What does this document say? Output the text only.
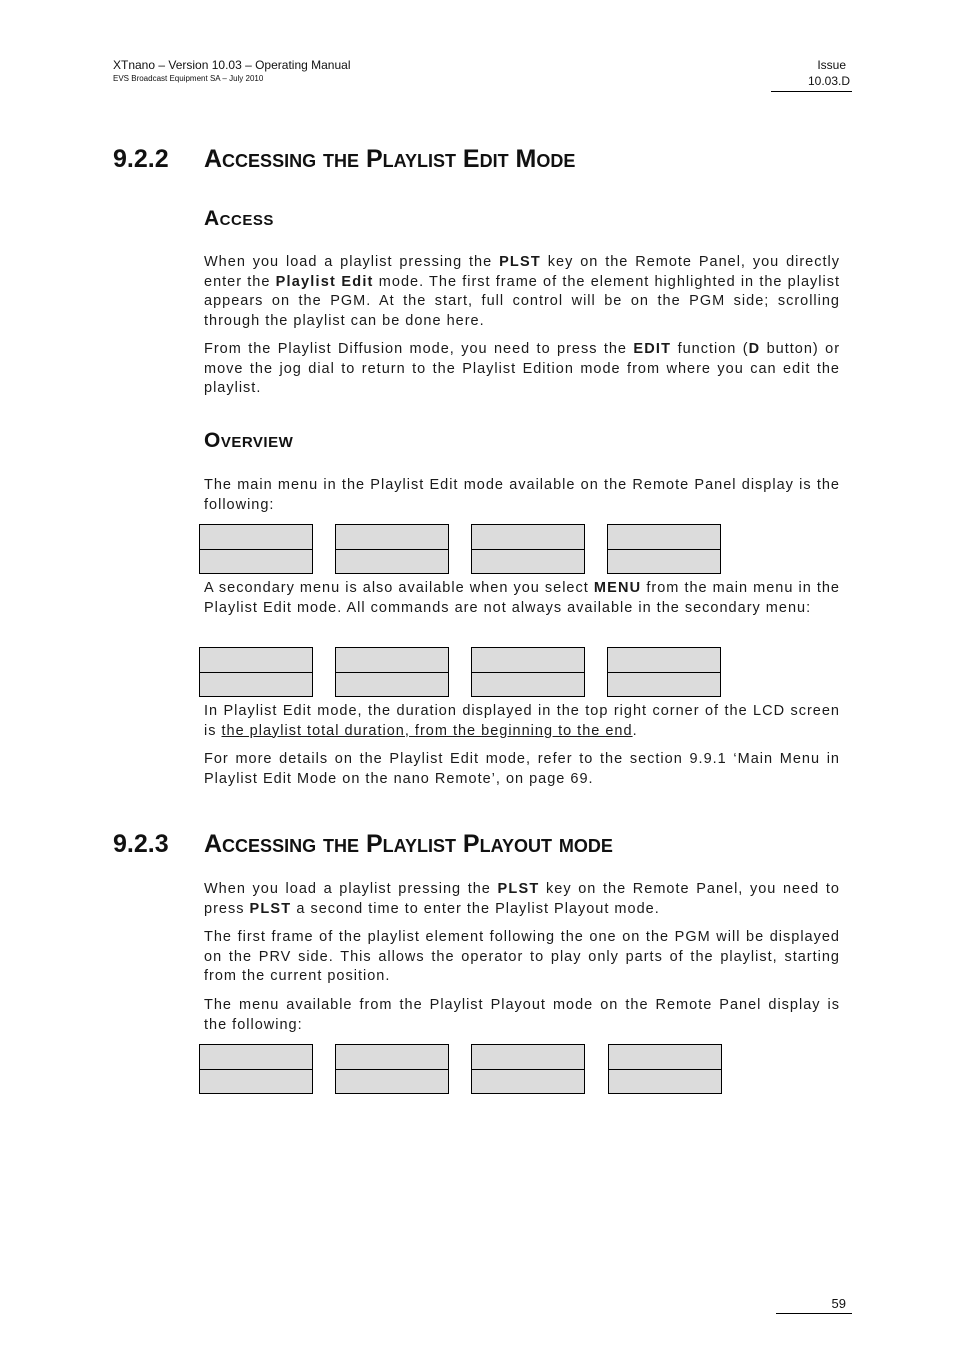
XTnano – Version 10.03 – Operating Manual
EVS Broadcast Equipment SA – July 2010
Issue
10.03.D
9.2.2 Accessing the Playlist Edit Mode
Access
When you load a playlist pressing the PLST key on the Remote Panel, you directly enter the Playlist Edit mode. The first frame of the element highlighted in the playlist appears on the PGM. At the start, full control will be on the PGM side; scrolling through the playlist can be done here.
From the Playlist Diffusion mode, you need to press the EDIT function (D button) or move the jog dial to return to the Playlist Edition mode from where you can edit the playlist.
Overview
The main menu in the Playlist Edit mode available on the Remote Panel display is the following:
A secondary menu is also available when you select MENU from the main menu in the Playlist Edit mode. All commands are not always available in the secondary menu:
In Playlist Edit mode, the duration displayed in the top right corner of the LCD screen is the playlist total duration, from the beginning to the end.
For more details on the Playlist Edit mode, refer to the section 9.9.1 ‘Main Menu in Playlist Edit Mode on the nano Remote’, on page 69.
9.2.3 Accessing the Playlist Playout mode
When you load a playlist pressing the PLST key on the Remote Panel, you need to press PLST a second time to enter the Playlist Playout mode.
The first frame of the playlist element following the one on the PGM will be displayed on the PRV side. This allows the operator to play only parts of the playlist, starting from the current position.
The menu available from the Playlist Playout mode on the Remote Panel display is the following:
59
